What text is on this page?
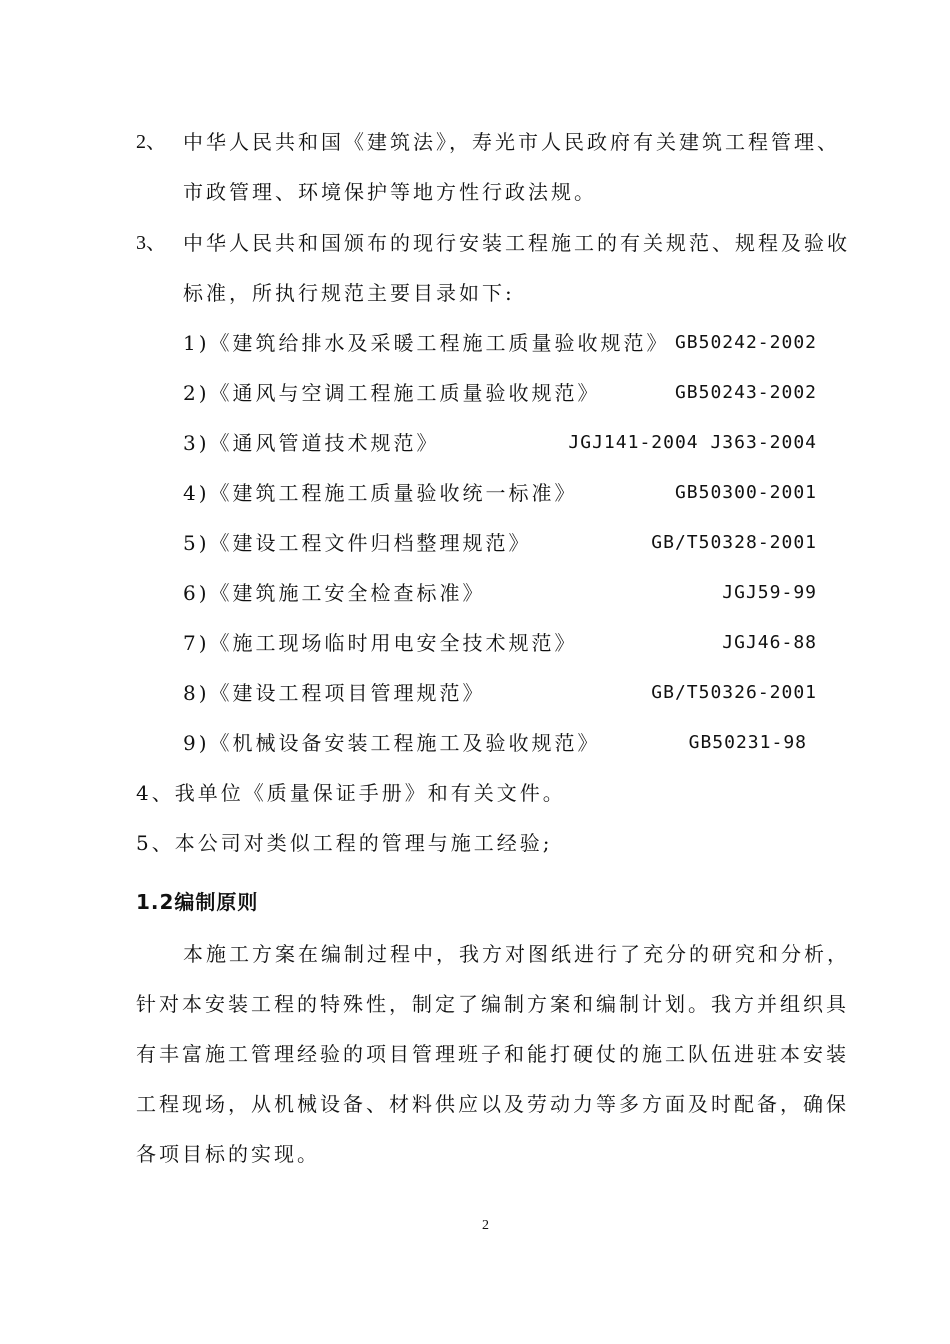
2、 中华人民共和国《建筑法》，寿光市人民政府有关建筑工程管理、
市政管理、环境保护等地方性行政法规。
3、 中华人民共和国颁布的现行安装工程施工的有关规范、规程及验收
标准，所执行规范主要目录如下:
1)《建筑给排水及采暖工程施工质量验收规范》 GB50242-2002
2)《通风与空调工程施工质量验收规范》	GB50243-2002
3)《通风管道技术规范》	JGJ141-2004 J363-2004
4)《建筑工程施工质量验收统一标准》	GB50300-2001
5)《建设工程文件归档整理规范》	GB/T50328-2001
6)《建筑施工安全检查标准》	JGJ59-99
7)《施工现场临时用电安全技术规范》	JGJ46-88
8)《建设工程项目管理规范》	GB/T50326-2001
9)《机械设备安装工程施工及验收规范》	GB50231-98
4、我单位《质量保证手册》和有关文件。
5、本公司对类似工程的管理与施工经验;
1.2编制原则
本施工方案在编制过程中，我方对图纸进行了充分的研究和分析，
针对本安装工程的特殊性，制定了编制方案和编制计划。我方并组织具
有丰富施工管理经验的项目管理班子和能打硬仗的施工队伍进驻本安装
工程现场，从机械设备、材料供应以及劳动力等多方面及时配备，确保
各项目标的实现。
2
